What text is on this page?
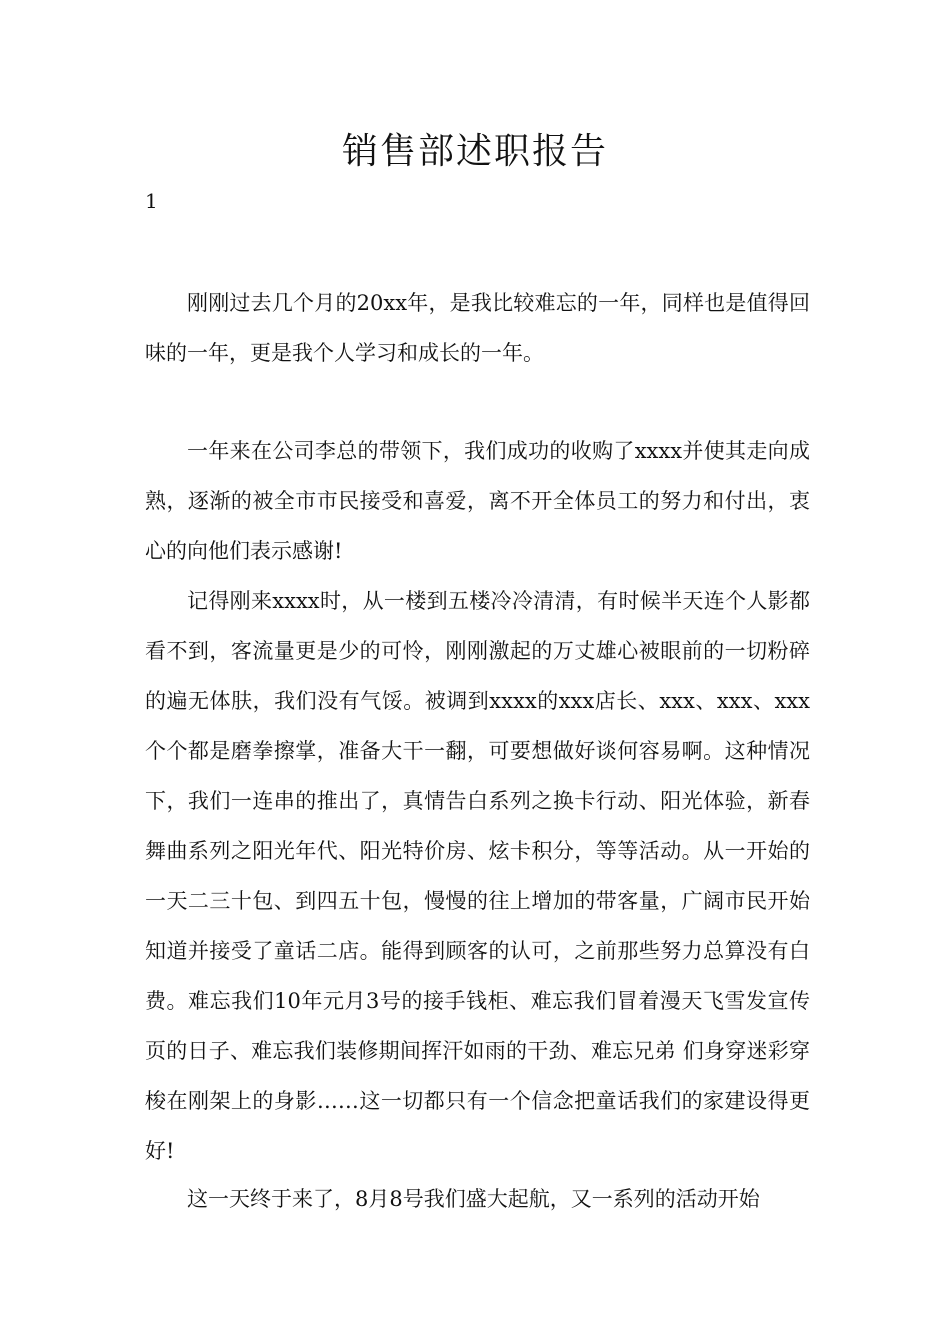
销售部述职报告
1

刚刚过去几个月的20xx年，是我比较难忘的一年，同样也是值得回味的一年，更是我个人学习和成长的一年。

一年来在公司李总的带领下，我们成功的收购了xxxx并使其走向成熟，逐渐的被全市市民接受和喜爱，离不开全体员工的努力和付出，衷心的向他们表示感谢!

记得刚来xxxx时，从一楼到五楼冷冷清清，有时候半天连个人影都看不到，客流量更是少的可怜，刚刚激起的万丈雄心被眼前的一切粉碎的遍无体肤，我们没有气馁。被调到xxxx的xxx店长、xxx、xxx、xxx个个都是磨拳擦掌，准备大干一翻，可要想做好谈何容易啊。这种情况下，我们一连串的推出了，真情告白系列之换卡行动、阳光体验，新春舞曲系列之阳光年代、阳光特价房、炫卡积分，等等活动。从一开始的一天二三十包、到四五十包，慢慢的往上增加的带客量，广阔市民开始知道并接受了童话二店。能得到顾客的认可，之前那些努力总算没有白费。难忘我们10年元月3号的接手钱柜、难忘我们冒着漫天飞雪发宣传页的日子、难忘我们装修期间挥汗如雨的干劲、难忘兄弟 们身穿迷彩穿梭在刚架上的身影……这一切都只有一个信念把童话我们的家建设得更好!

这一天终于来了，8月8号我们盛大起航，又一系列的活动开始
